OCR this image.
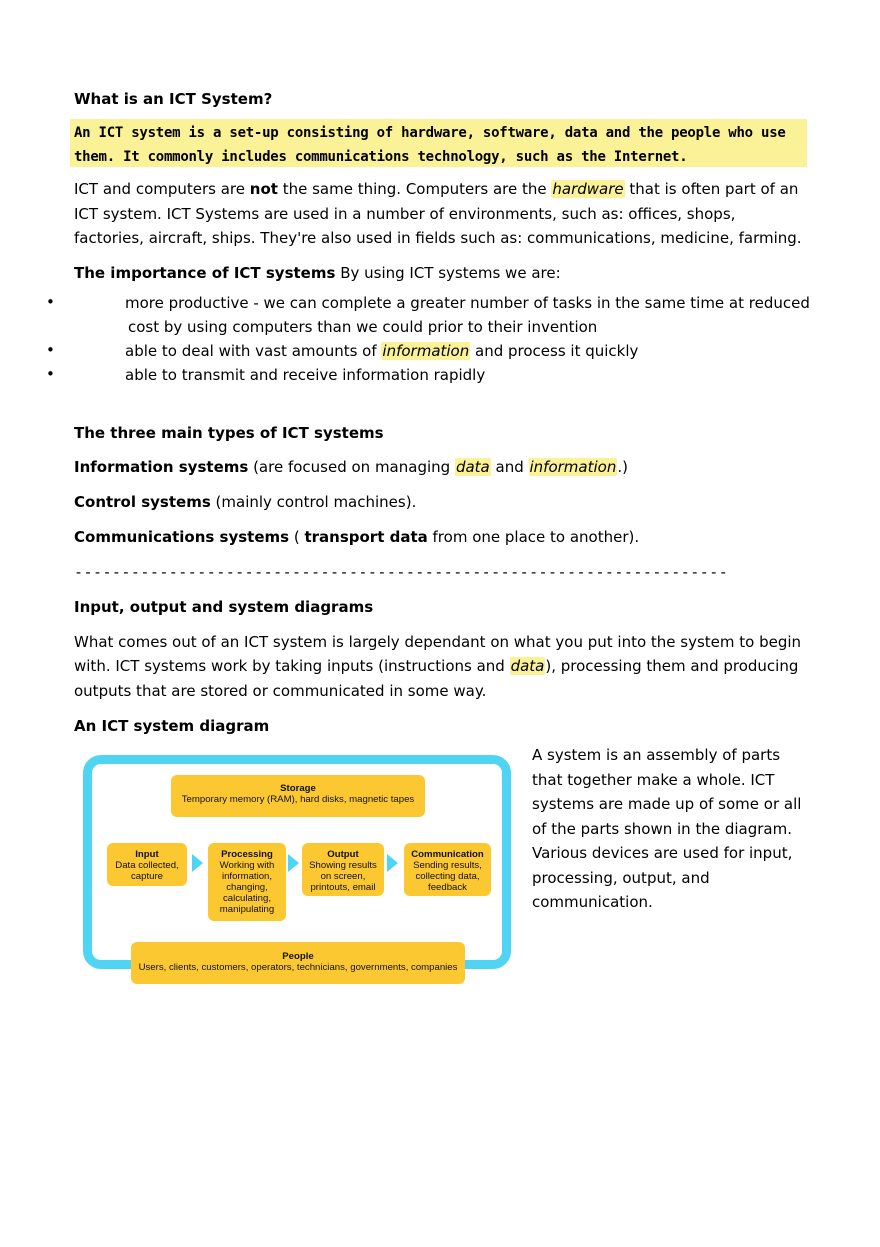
What is an ICT System?
An ICT system is a set-up consisting of hardware, software, data and the people who use
them. It commonly includes communications technology, such as the Internet.
ICT and computers are not the same thing. Computers are the hardware that is often part of an
ICT system. ICT Systems are used in a number of environments, such as: offices, shops,
factories, aircraft, ships. They're also used in fields such as: communications, medicine, farming.
The importance of ICT systems By using ICT systems we are:
•	more productive - we can complete a greater number of tasks in the same time at reduced
cost by using computers than we could prior to their invention
•	able to deal with vast amounts of information and process it quickly
•	able to transmit and receive information rapidly
The three main types of ICT systems
Information systems (are focused on managing data and information.)
Control systems (mainly control machines).
Communications systems ( transport data from one place to another).
---------------------------------------------------------------------
Input, output and system diagrams
What comes out of an ICT system is largely dependant on what you put into the system to begin
with. ICT systems work by taking inputs (instructions and data), processing them and producing
outputs that are stored or communicated in some way.
An ICT system diagram
Storage
Temporary memory (RAM), hard disks, magnetic tapes
Input
Data collected,
capture
Processing
Working with
information,
changing,
calculating,
manipulating
Output
Showing results
on screen,
printouts, email
Communication
Sending results,
collecting data,
feedback
People
Users, clients, customers, operators, technicians, governments, companies
A system is an assembly of parts
that together make a whole. ICT
systems are made up of some or all
of the parts shown in the diagram.
Various devices are used for input,
processing, output, and
communication.
